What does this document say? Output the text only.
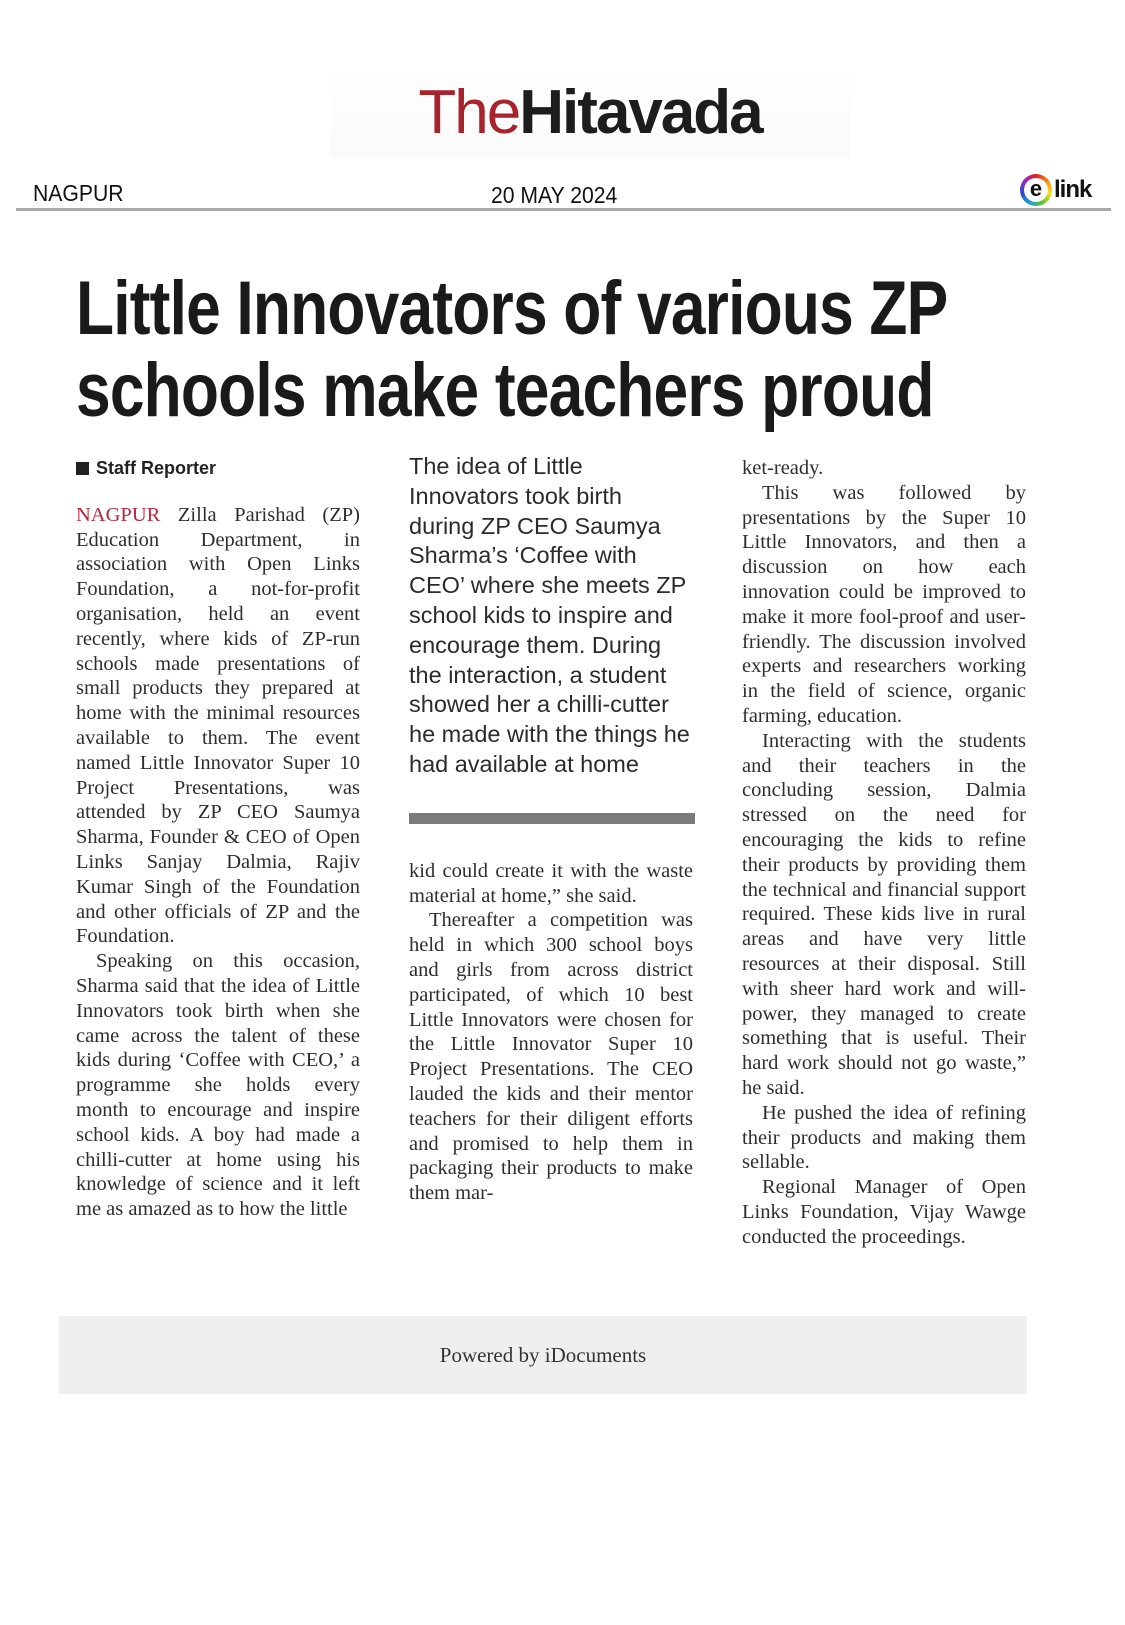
TheHitavada
NAGPUR	20 MAY 2024	e link
Little Innovators of various ZP
schools make teachers proud

Staff Reporter

NAGPUR Zilla Parishad (ZP) Education Department, in association with Open Links Foundation, a not-for-profit organisation, held an event recently, where kids of ZP-run schools made presentations of small products they prepared at home with the minimal resources available to them. The event named Little Innovator Super 10 Project Presentations, was attended by ZP CEO Saumya Sharma, Founder & CEO of Open Links Sanjay Dalmia, Rajiv Kumar Singh of the Foundation and other officials of ZP and the Foundation.

Speaking on this occasion, Sharma said that the idea of Little Innovators took birth when she came across the talent of these kids during ‘Coffee with CEO,’ a programme she holds every month to encourage and inspire school kids. A boy had made a chilli-cutter at home using his knowledge of science and it left me as amazed as to how the little

The idea of Little Innovators took birth during ZP CEO Saumya Sharma’s ‘Coffee with CEO’ where she meets ZP school kids to inspire and encourage them. During the interaction, a student showed her a chilli-cutter he made with the things he had available at home

kid could create it with the waste material at home,” she said.

Thereafter a competition was held in which 300 school boys and girls from across district participated, of which 10 best Little Innovators were chosen for the Little Innovator Super 10 Project Presentations. The CEO lauded the kids and their mentor teachers for their diligent efforts and promised to help them in packaging their products to make them mar-

ket-ready.

This was followed by presentations by the Super 10 Little Innovators, and then a discussion on how each innovation could be improved to make it more fool-proof and user-friendly. The discussion involved experts and researchers working in the field of science, organic farming, education.

Interacting with the students and their teachers in the concluding session, Dalmia stressed on the need for encouraging the kids to refine their products by providing them the technical and financial support required. These kids live in rural areas and have very little resources at their disposal. Still with sheer hard work and will-power, they managed to create something that is useful. Their hard work should not go waste,” he said.

He pushed the idea of refining their products and making them sellable.

Regional Manager of Open Links Foundation, Vijay Wawge conducted the proceedings.

Powered by iDocuments
